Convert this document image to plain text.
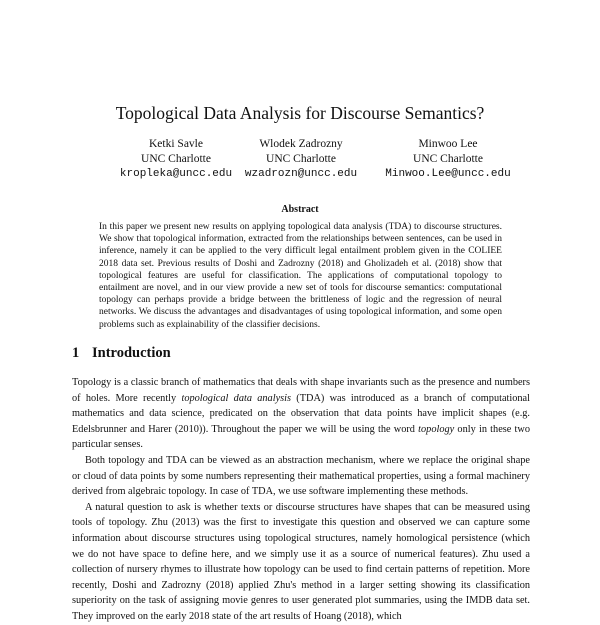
Topological Data Analysis for Discourse Semantics?
Ketki Savle
UNC Charlotte
kropleka@uncc.edu
Wlodek Zadrozny
UNC Charlotte
wzadrozn@uncc.edu
Minwoo Lee
UNC Charlotte
Minwoo.Lee@uncc.edu
Abstract
In this paper we present new results on applying topological data analysis (TDA) to discourse structures. We show that topological information, extracted from the relationships between sentences, can be used in inference, namely it can be applied to the very difficult legal entailment problem given in the COLIEE 2018 data set. Previous results of Doshi and Zadrozny (2018) and Gholizadeh et al. (2018) show that topological features are useful for classification. The applications of computational topology to entailment are novel, and in our view provide a new set of tools for discourse semantics: computational topology can perhaps provide a bridge between the brittleness of logic and the regression of neural networks. We discuss the advantages and disadvantages of using topological information, and some open problems such as explainability of the classifier decisions.
1 Introduction

Topology is a classic branch of mathematics that deals with shape invariants such as the presence and numbers of holes. More recently topological data analysis (TDA) was introduced as a branch of computational mathematics and data science, predicated on the observation that data points have implicit shapes (e.g. Edelsbrunner and Harer (2010)). Throughout the paper we will be using the word topology only in these two particular senses.

Both topology and TDA can be viewed as an abstraction mechanism, where we replace the original shape or cloud of data points by some numbers representing their mathematical properties, using a formal machinery derived from algebraic topology. In case of TDA, we use software implementing these methods.

A natural question to ask is whether texts or discourse structures have shapes that can be measured using tools of topology. Zhu (2013) was the first to investigate this question and observed we can capture some information about discourse structures using topological structures, namely homological persistence (which we do not have space to define here, and we simply use it as a source of numerical features). Zhu used a collection of nursery rhymes to illustrate how topology can be used to find certain patterns of repetition. More recently, Doshi and Zadrozny (2018) applied Zhu's method in a larger setting showing its classification superiority on the task of assigning movie genres to user generated plot summaries, using the IMDB data set. They improved on the early 2018 state of the art results of Hoang (2018), which
